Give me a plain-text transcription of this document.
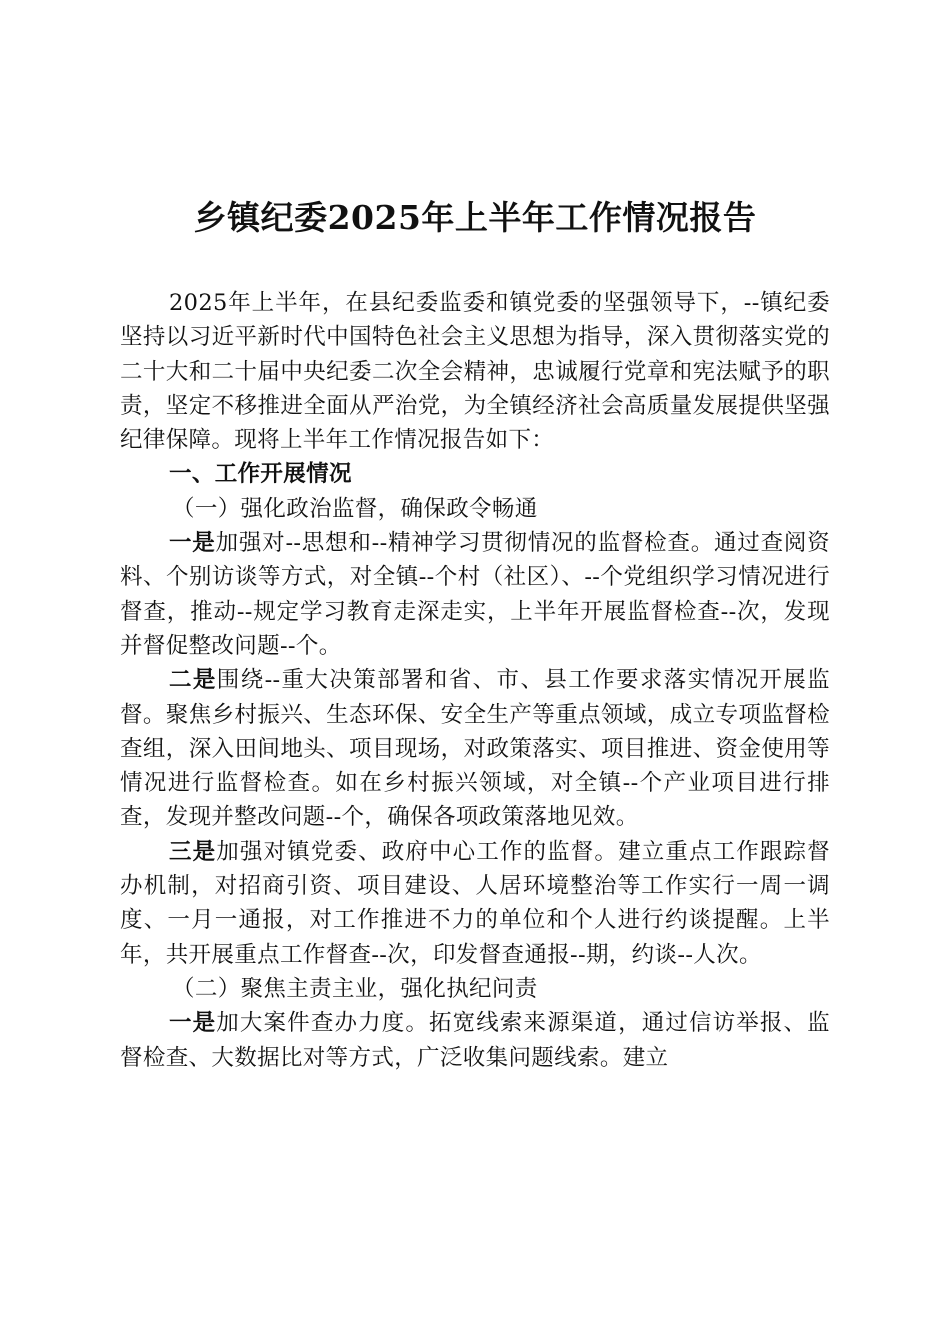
乡镇纪委2025年上半年工作情况报告

2025年上半年，在县纪委监委和镇党委的坚强领导下，--镇纪委坚持以习近平新时代中国特色社会主义思想为指导，深入贯彻落实党的二十大和二十届中央纪委二次全会精神，忠诚履行党章和宪法赋予的职责，坚定不移推进全面从严治党，为全镇经济社会高质量发展提供坚强纪律保障。现将上半年工作情况报告如下：

一、工作开展情况

（一）强化政治监督，确保政令畅通

一是加强对--思想和--精神学习贯彻情况的监督检查。通过查阅资料、个别访谈等方式，对全镇--个村（社区）、--个党组织学习情况进行督查，推动--规定学习教育走深走实，上半年开展监督检查--次，发现并督促整改问题--个。

二是围绕--重大决策部署和省、市、县工作要求落实情况开展监督。聚焦乡村振兴、生态环保、安全生产等重点领域，成立专项监督检查组，深入田间地头、项目现场，对政策落实、项目推进、资金使用等情况进行监督检查。如在乡村振兴领域，对全镇--个产业项目进行排查，发现并整改问题--个，确保各项政策落地见效。

三是加强对镇党委、政府中心工作的监督。建立重点工作跟踪督办机制，对招商引资、项目建设、人居环境整治等工作实行一周一调度、一月一通报，对工作推进不力的单位和个人进行约谈提醒。上半年，共开展重点工作督查--次，印发督查通报--期，约谈--人次。

（二）聚焦主责主业，强化执纪问责

一是加大案件查办力度。拓宽线索来源渠道，通过信访举报、监督检查、大数据比对等方式，广泛收集问题线索。建立
